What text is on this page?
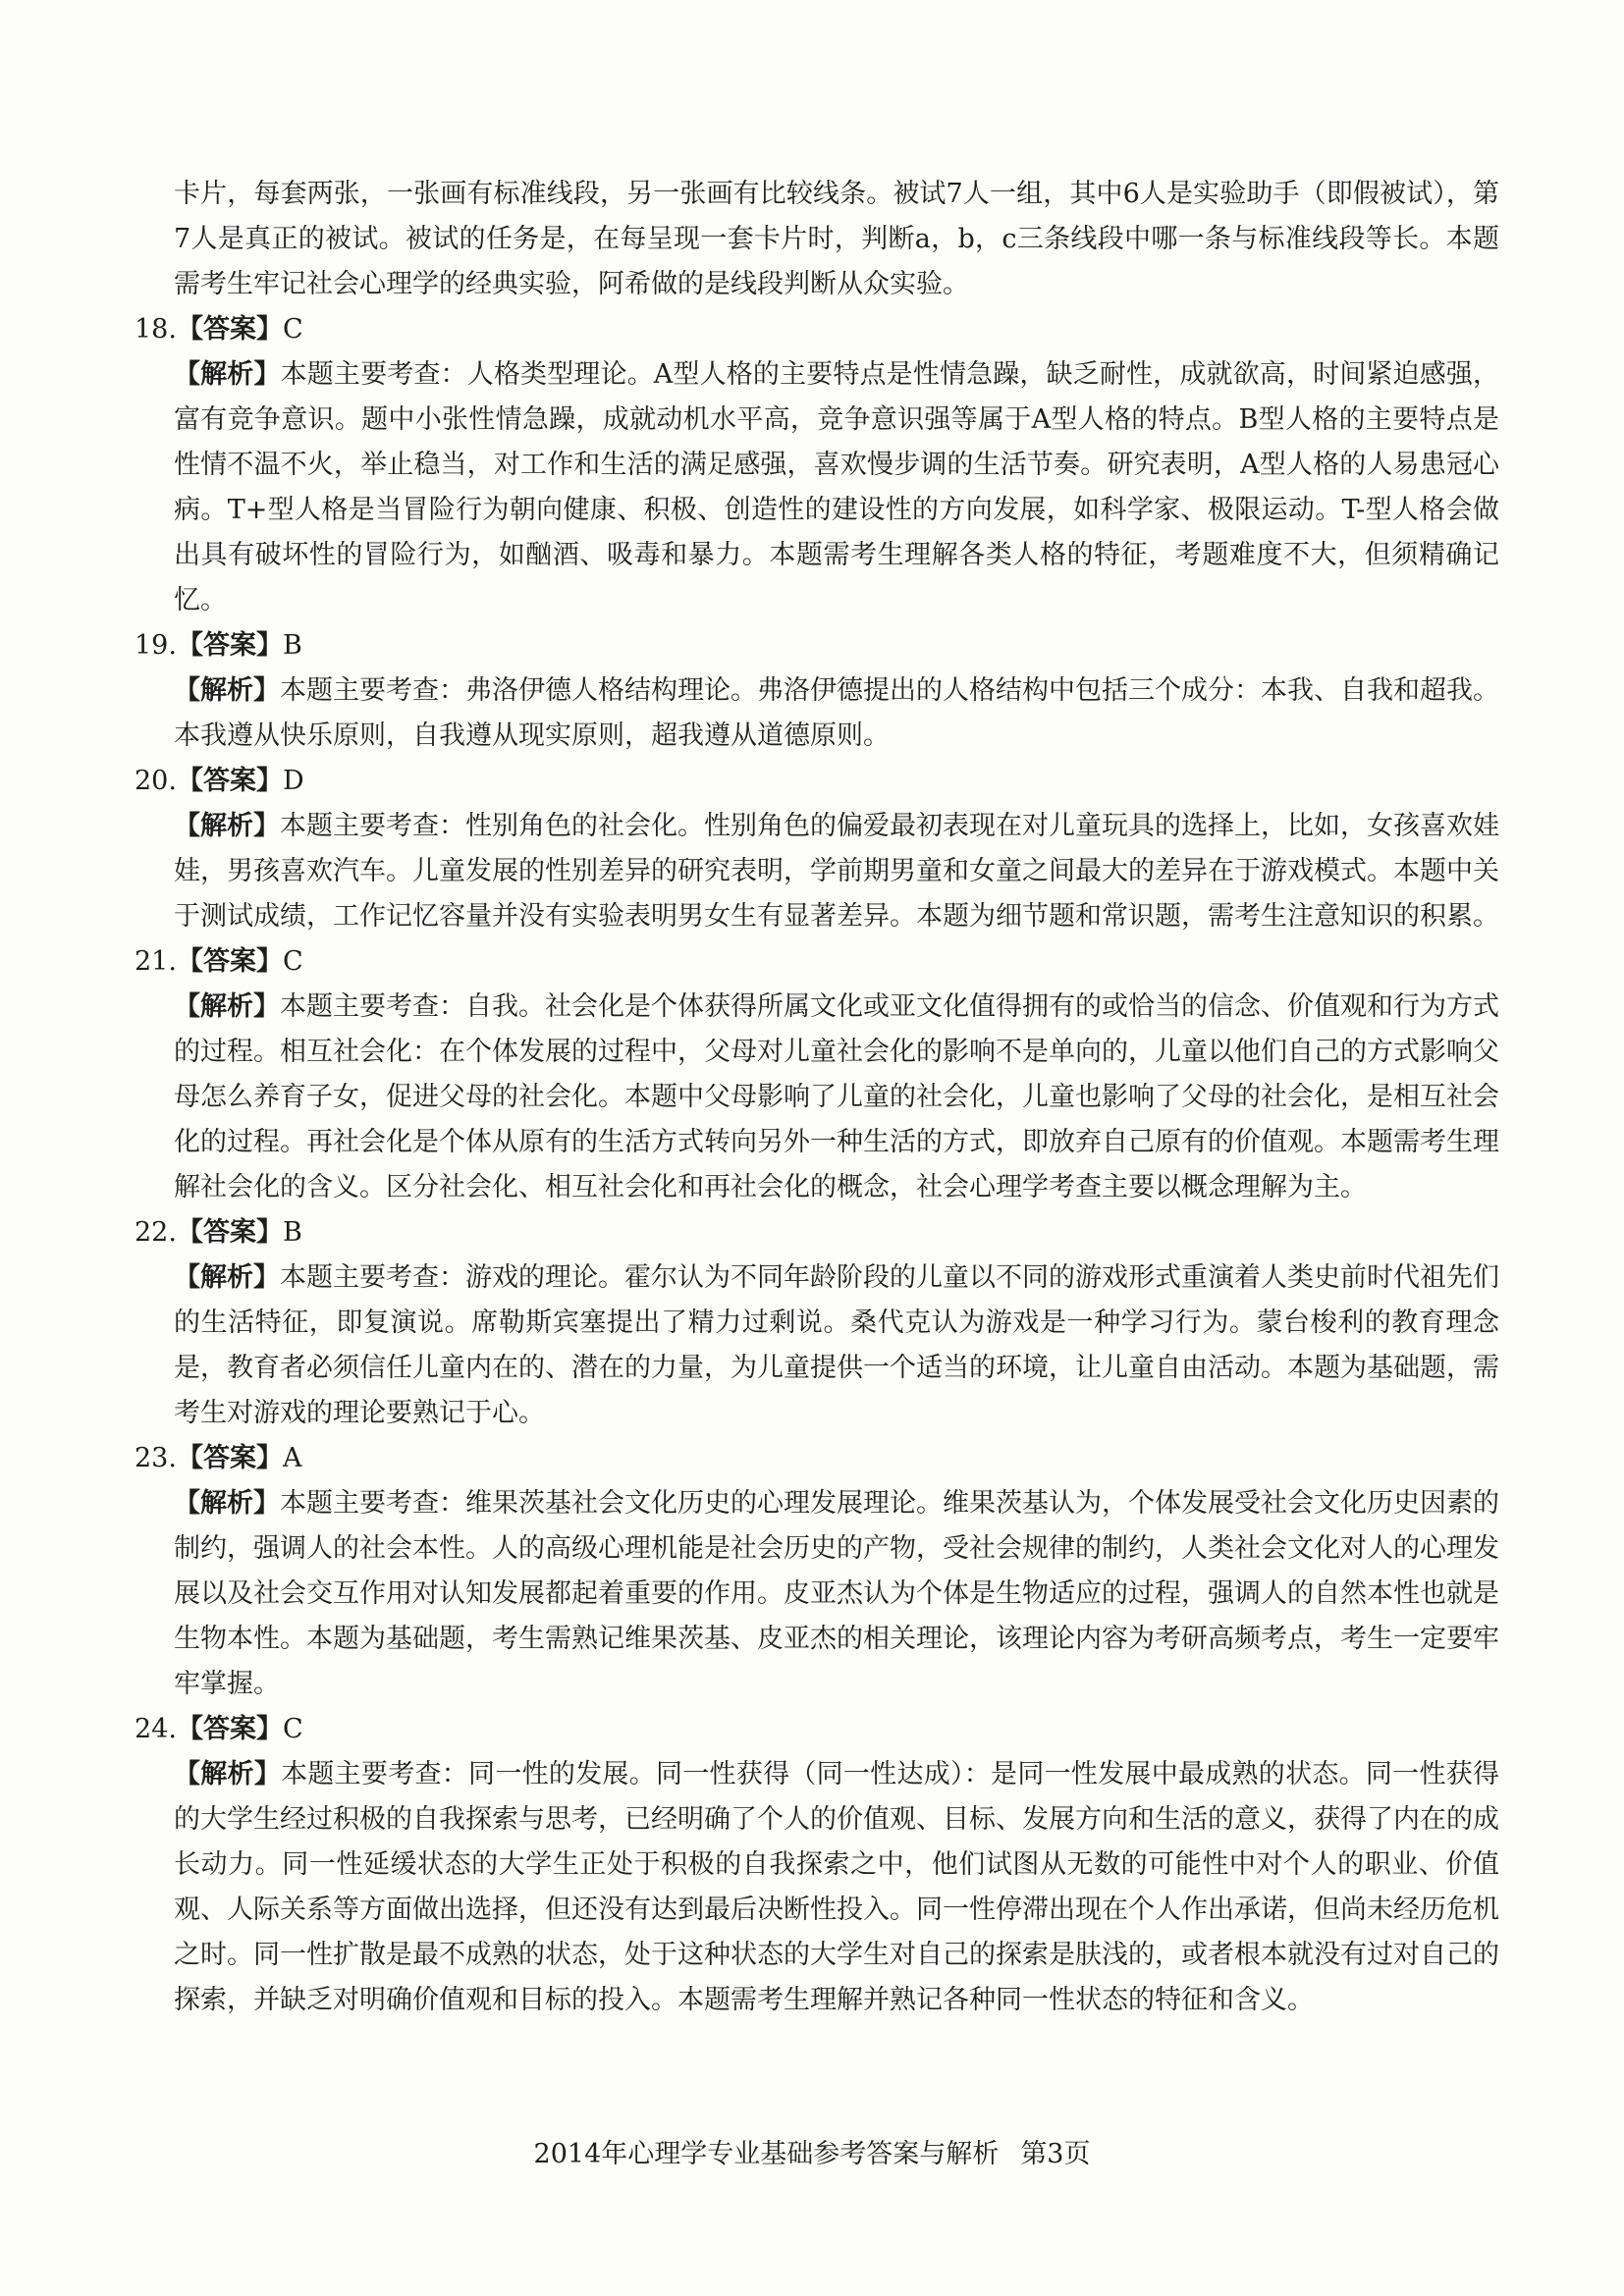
卡片，每套两张，一张画有标准线段，另一张画有比较线条。被试7人一组，其中6人是实验助手（即假被试），第7人是真正的被试。被试的任务是，在每呈现一套卡片时，判断a，b，c三条线段中哪一条与标准线段等长。本题需考生牢记社会心理学的经典实验，阿希做的是线段判断从众实验。

18.【答案】C

【解析】本题主要考查：人格类型理论。A型人格的主要特点是性情急躁，缺乏耐性，成就欲高，时间紧迫感强，富有竞争意识。题中小张性情急躁，成就动机水平高，竞争意识强等属于A型人格的特点。B型人格的主要特点是性情不温不火，举止稳当，对工作和生活的满足感强，喜欢慢步调的生活节奏。研究表明，A型人格的人易患冠心病。T+型人格是当冒险行为朝向健康、积极、创造性的建设性的方向发展，如科学家、极限运动。T-型人格会做出具有破坏性的冒险行为，如酗酒、吸毒和暴力。本题需考生理解各类人格的特征，考题难度不大，但须精确记忆。

19.【答案】B

【解析】本题主要考查：弗洛伊德人格结构理论。弗洛伊德提出的人格结构中包括三个成分：本我、自我和超我。本我遵从快乐原则，自我遵从现实原则，超我遵从道德原则。

20.【答案】D

【解析】本题主要考查：性别角色的社会化。性别角色的偏爱最初表现在对儿童玩具的选择上，比如，女孩喜欢娃娃，男孩喜欢汽车。儿童发展的性别差异的研究表明，学前期男童和女童之间最大的差异在于游戏模式。本题中关于测试成绩，工作记忆容量并没有实验表明男女生有显著差异。本题为细节题和常识题，需考生注意知识的积累。

21.【答案】C

【解析】本题主要考查：自我。社会化是个体获得所属文化或亚文化值得拥有的或恰当的信念、价值观和行为方式的过程。相互社会化：在个体发展的过程中，父母对儿童社会化的影响不是单向的，儿童以他们自己的方式影响父母怎么养育子女，促进父母的社会化。本题中父母影响了儿童的社会化，儿童也影响了父母的社会化，是相互社会化的过程。再社会化是个体从原有的生活方式转向另外一种生活的方式，即放弃自己原有的价值观。本题需考生理解社会化的含义。区分社会化、相互社会化和再社会化的概念，社会心理学考查主要以概念理解为主。

22.【答案】B

【解析】本题主要考查：游戏的理论。霍尔认为不同年龄阶段的儿童以不同的游戏形式重演着人类史前时代祖先们的生活特征，即复演说。席勒斯宾塞提出了精力过剩说。桑代克认为游戏是一种学习行为。蒙台梭利的教育理念是，教育者必须信任儿童内在的、潜在的力量，为儿童提供一个适当的环境，让儿童自由活动。本题为基础题，需考生对游戏的理论要熟记于心。

23.【答案】A

【解析】本题主要考查：维果茨基社会文化历史的心理发展理论。维果茨基认为，个体发展受社会文化历史因素的制约，强调人的社会本性。人的高级心理机能是社会历史的产物，受社会规律的制约，人类社会文化对人的心理发展以及社会交互作用对认知发展都起着重要的作用。皮亚杰认为个体是生物适应的过程，强调人的自然本性也就是生物本性。本题为基础题，考生需熟记维果茨基、皮亚杰的相关理论，该理论内容为考研高频考点，考生一定要牢牢掌握。

24.【答案】C

【解析】本题主要考查：同一性的发展。同一性获得（同一性达成）：是同一性发展中最成熟的状态。同一性获得的大学生经过积极的自我探索与思考，已经明确了个人的价值观、目标、发展方向和生活的意义，获得了内在的成长动力。同一性延缓状态的大学生正处于积极的自我探索之中，他们试图从无数的可能性中对个人的职业、价值观、人际关系等方面做出选择，但还没有达到最后决断性投入。同一性停滞出现在个人作出承诺，但尚未经历危机之时。同一性扩散是最不成熟的状态，处于这种状态的大学生对自己的探索是肤浅的，或者根本就没有过对自己的探索，并缺乏对明确价值观和目标的投入。本题需考生理解并熟记各种同一性状态的特征和含义。

2014年心理学专业基础参考答案与解析 第3页
